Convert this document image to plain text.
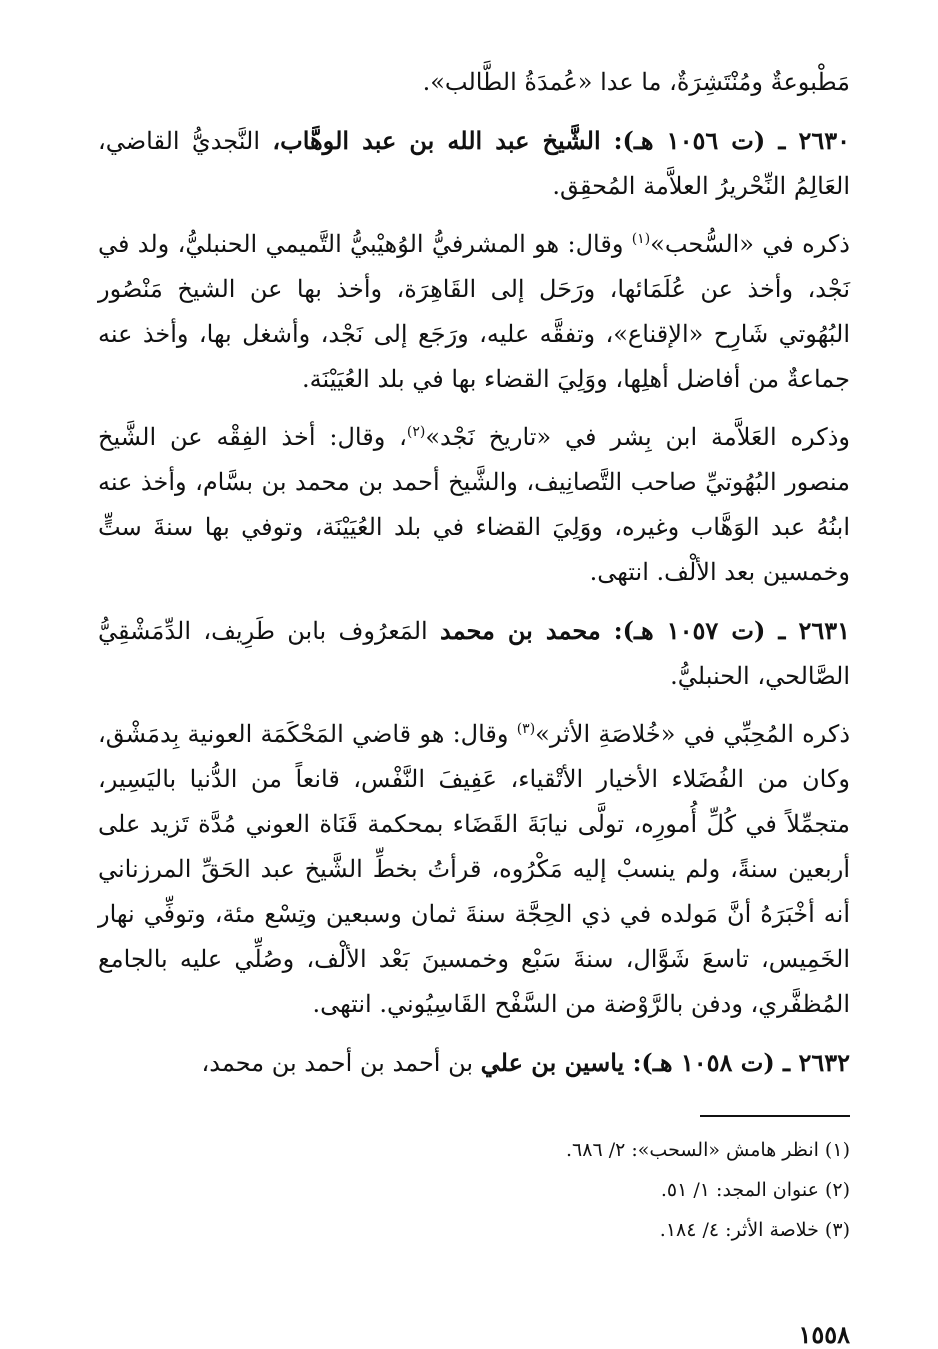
مَطْبوعةٌ ومُنْتَشِرَةٌ، ما عدا «عُمدَةُ الطَّالب».

٢٦٣٠ ـ (ت ١٠٥٦ هـ): الشَّيخ عبد الله بن عبد الوهَّاب، النَّجديُّ القاضي، العَالِمُ النِّحْريرُ العلاَّمة المُحقِق.

ذكره في «السُّحب»$^{(١)}$ وقال: هو المشرفيُّ الوُهيْبيُّ التَّميمي الحنبليُّ، ولد في نَجْد، وأخذ عن عُلَمَائها، ورَحَل إلى القَاهِرَة، وأخذ بها عن الشيخ مَنْصُور البُهُوتي شَارِح «الإقناع»، وتفقَّه عليه، ورَجَع إلى نَجْد، وأشغل بها، وأخذ عنه جماعةٌ من أفاضل أهلِها، ووَلِيَ القضاء بها في بلد العُيَيْنَة.

وذكره العَلاَّمة ابن بِشر في «تاريخ نَجْد»$^{(٢)}$، وقال: أخذ الفِقْه عن الشَّيخ منصور البُهُوتيِّ صاحب التَّصانِيف، والشَّيخ أحمد بن محمد بن بسَّام، وأخذ عنه ابنُهُ عبد الوَهَّاب وغيره، ووَلِيَ القضاء في بلد العُيَيْنَة، وتوفي بها سنةَ ستٍّ وخمسين بعد الألْف. انتهى.

٢٦٣١ ـ (ت ١٠٥٧ هـ): محمد بن محمد المَعرُوف بابن طَرِيف، الدِّمَشْقِيُّ الصَّالحي، الحنبليُّ.

ذكره المُحِبِّي في «خُلاصَةِ الأثر»$^{(٣)}$ وقال: هو قاضي المَحْكَمَة العونية بِدمَشْق، وكان من الفُضَلاء الأخيار الأتْقياء، عَفِيفَ النَّفْس، قانعاً من الدُّنيا باليَسِير، متجمِّلاً في كُلِّ أُمورِه، تولَّى نيابَةَ القَضَاء بمحكمة قَنَاة العوني مُدَّة تَزيد على أربعين سنةً، ولم ينسبْ إليه مَكْرُوه، قرأتُ بخطِّ الشَّيخ عبد الحَقِّ المرزناني أنه أخْبَرَهُ أنَّ مَولده في ذي الحِجَّة سنةَ ثمان وسبعين وتِسْع مئة، وتوفِّي نهار الخَمِيس، تاسعَ شَوَّال، سنةَ سَبْع وخمسينَ بَعْد الألْف، وصُلِّي عليه بالجامع المُظفَّري، ودفن بالرَّوْضة من السَّفْح القَاسِيُوني. انتهى.

٢٦٣٢ ـ (ت ١٠٥٨ هـ): ياسين بن علي بن أحمد بن أحمد بن محمد،

(١) انظر هامش «السحب»: ٢/ ٦٨٦.

(٢) عنوان المجد: ١/ ٥١.

(٣) خلاصة الأثر: ٤/ ١٨٤.

١٥٥٨
